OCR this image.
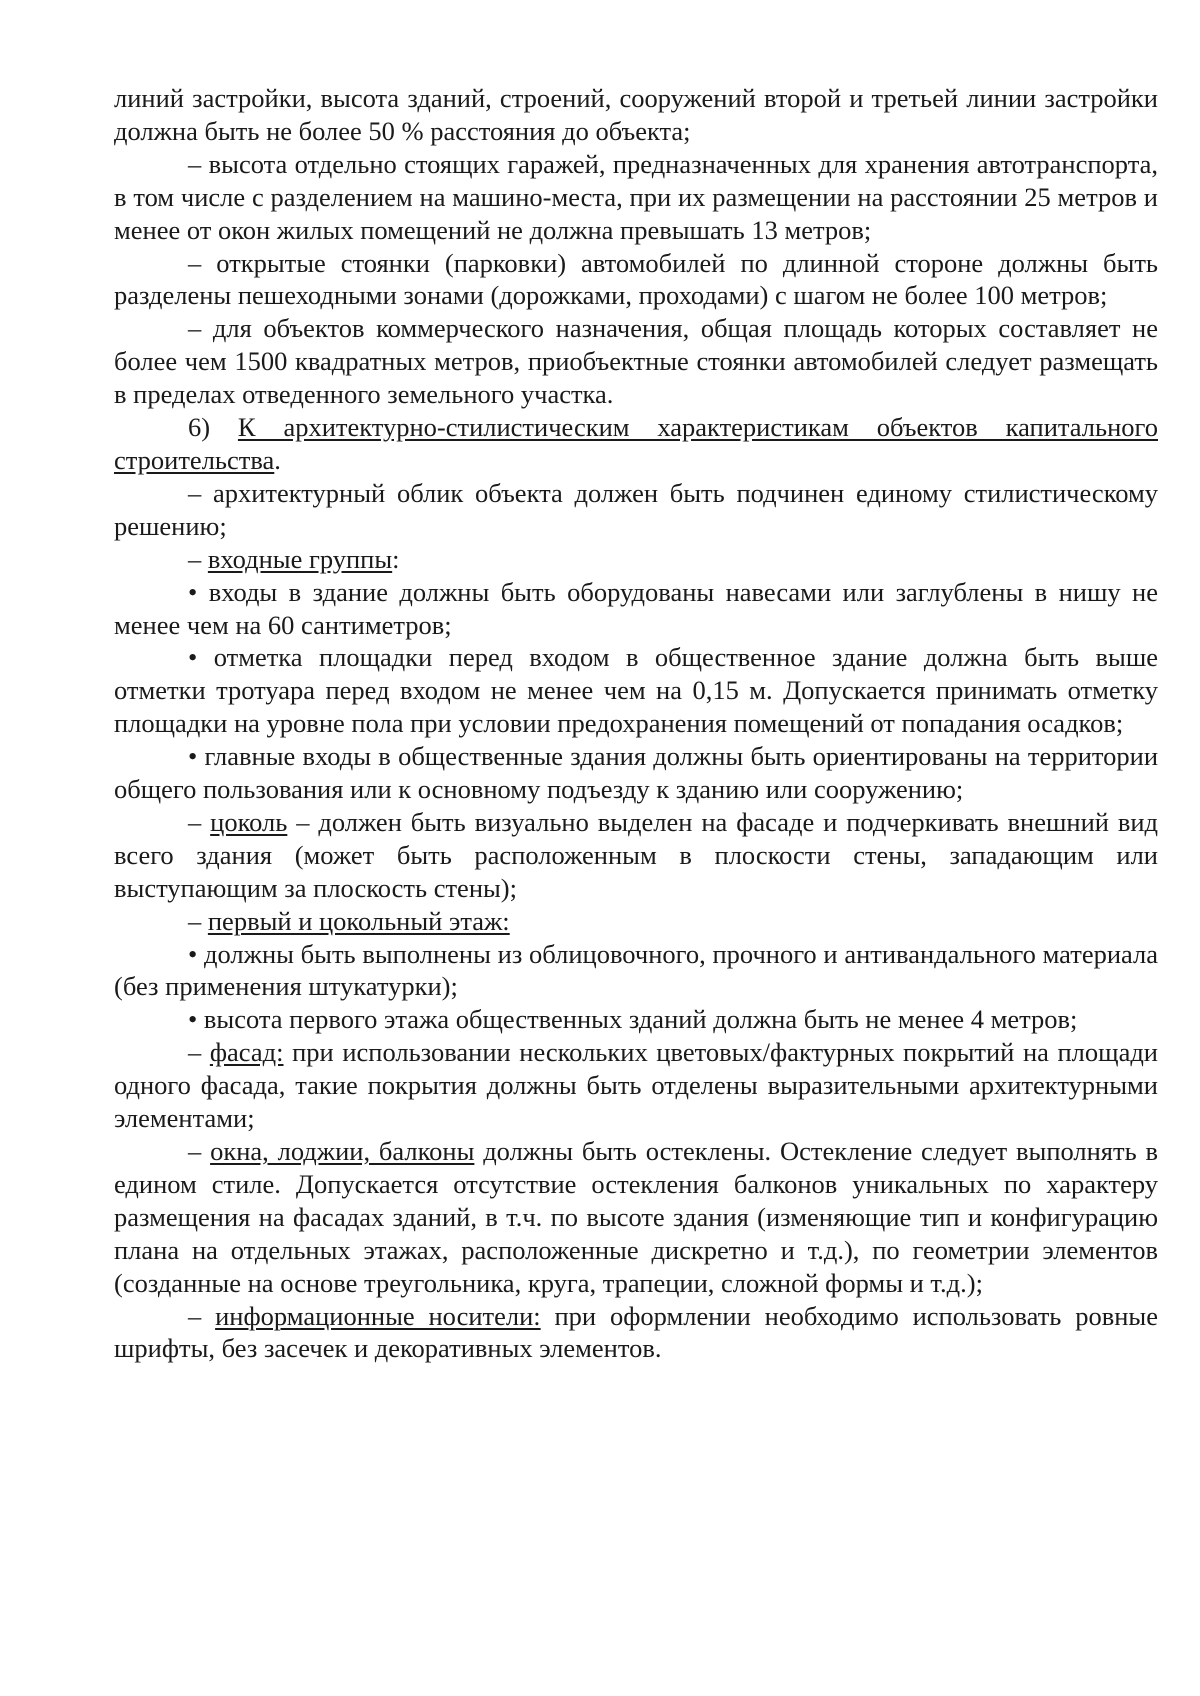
линий застройки, высота зданий, строений, сооружений второй и третьей линии застройки должна быть не более 50 % расстояния до объекта;

– высота отдельно стоящих гаражей, предназначенных для хранения автотранспорта, в том числе с разделением на машино-места, при их размещении на расстоянии 25 метров и менее от окон жилых помещений не должна превышать 13 метров;

– открытые стоянки (парковки) автомобилей по длинной стороне должны быть разделены пешеходными зонами (дорожками, проходами) с шагом не более 100 метров;

– для объектов коммерческого назначения, общая площадь которых составляет не более чем 1500 квадратных метров, приобъектные стоянки автомобилей следует размещать в пределах отведенного земельного участка.

6) К архитектурно-стилистическим характеристикам объектов капитального строительства.

– архитектурный облик объекта должен быть подчинен единому стилистическому решению;

– входные группы:

• входы в здание должны быть оборудованы навесами или заглублены в нишу не менее чем на 60 сантиметров;

• отметка площадки перед входом в общественное здание должна быть выше отметки тротуара перед входом не менее чем на 0,15 м. Допускается принимать отметку площадки на уровне пола при условии предохранения помещений от попадания осадков;

• главные входы в общественные здания должны быть ориентированы на территории общего пользования или к основному подъезду к зданию или сооружению;

– цоколь – должен быть визуально выделен на фасаде и подчеркивать внешний вид всего здания (может быть расположенным в плоскости стены, западающим или выступающим за плоскость стены);

– первый и цокольный этаж:

• должны быть выполнены из облицовочного, прочного и антивандального материала (без применения штукатурки);

• высота первого этажа общественных зданий должна быть не менее 4 метров;

– фасад: при использовании нескольких цветовых/фактурных покрытий на площади одного фасада, такие покрытия должны быть отделены выразительными архитектурными элементами;

– окна, лоджии, балконы должны быть остеклены. Остекление следует выполнять в едином стиле. Допускается отсутствие остекления балконов уникальных по характеру размещения на фасадах зданий, в т.ч. по высоте здания (изменяющие тип и конфигурацию плана на отдельных этажах, расположенные дискретно и т.д.), по геометрии элементов (созданные на основе треугольника, круга, трапеции, сложной формы и т.д.);

– информационные носители: при оформлении необходимо использовать ровные шрифты, без засечек и декоративных элементов.
